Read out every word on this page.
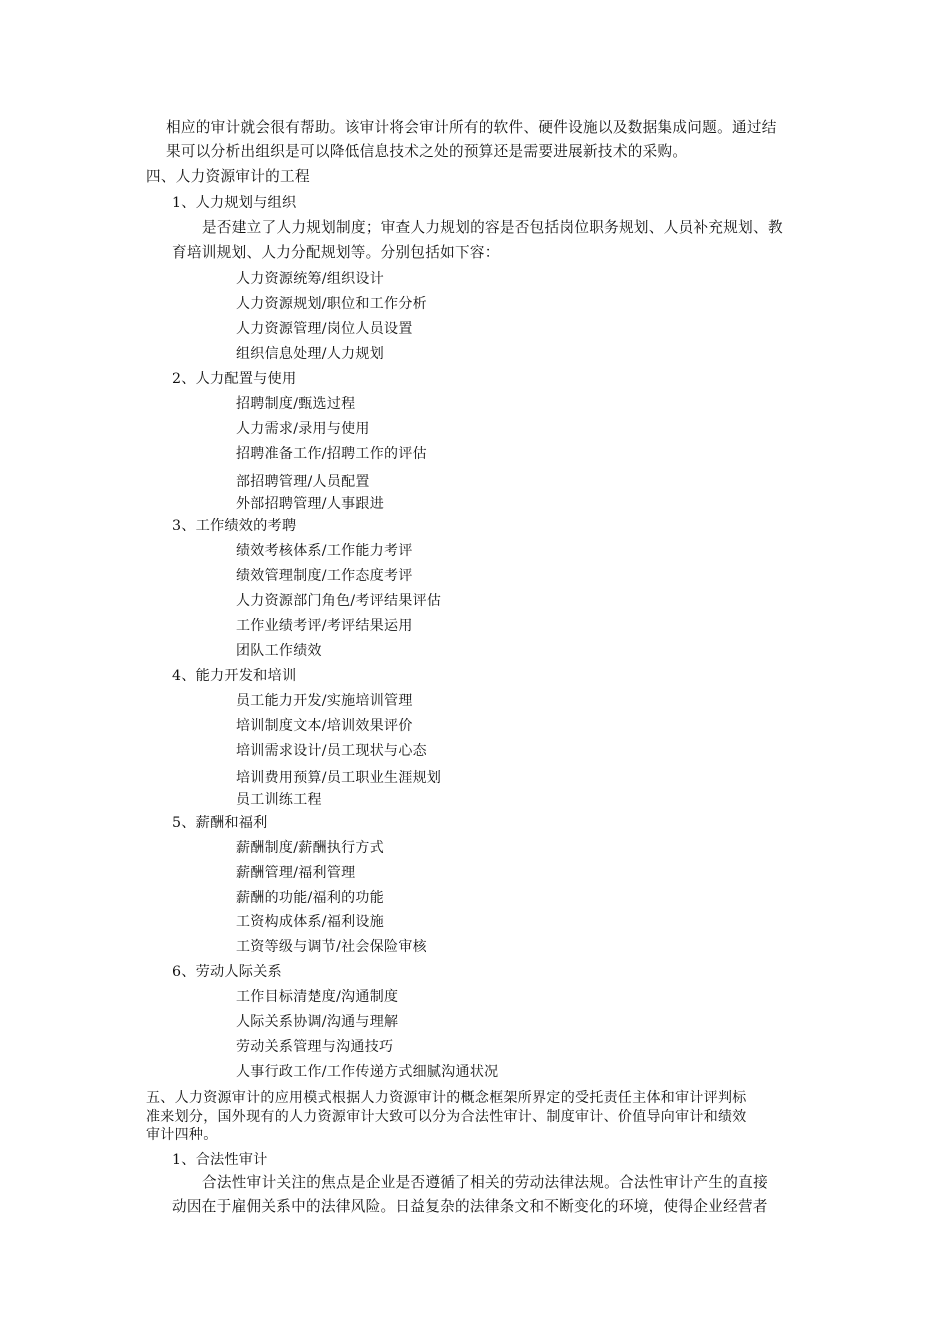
相应的审计就会很有帮助。该审计将会审计所有的软件、硬件设施以及数据集成问题。通过结
果可以分析出组织是可以降低信息技术之处的预算还是需要进展新技术的采购。
四、人力资源审计的工程
1、人力规划与组织
是否建立了人力规划制度；审查人力规划的容是否包括岗位职务规划、人员补充规划、教
育培训规划、人力分配规划等。分别包括如下容：
人力资源统筹/组织设计
人力资源规划/职位和工作分析
人力资源管理/岗位人员设置
组织信息处理/人力规划
2、人力配置与使用
招聘制度/甄选过程
人力需求/录用与使用
招聘准备工作/招聘工作的评估
部招聘管理/人员配置
外部招聘管理/人事跟进
3、工作绩效的考聘
绩效考核体系/工作能力考评
绩效管理制度/工作态度考评
人力资源部门角色/考评结果评估
工作业绩考评/考评结果运用
团队工作绩效
4、能力开发和培训
员工能力开发/实施培训管理
培训制度文本/培训效果评价
培训需求设计/员工现状与心态
培训费用预算/员工职业生涯规划
员工训练工程
5、薪酬和福利
薪酬制度/薪酬执行方式
薪酬管理/福利管理
薪酬的功能/福利的功能
工资构成体系/福利设施
工资等级与调节/社会保险审核
6、劳动人际关系
工作目标清楚度/沟通制度
人际关系协调/沟通与理解
劳动关系管理与沟通技巧
人事行政工作/工作传递方式细腻沟通状况
五、人力资源审计的应用模式根据人力资源审计的概念框架所界定的受托责任主体和审计评判标
准来划分，国外现有的人力资源审计大致可以分为合法性审计、制度审计、价值导向审计和绩效
审计四种。
1、合法性审计
合法性审计关注的焦点是企业是否遵循了相关的劳动法律法规。合法性审计产生的直接
动因在于雇佣关系中的法律风险。日益复杂的法律条文和不断变化的环境，使得企业经营者
